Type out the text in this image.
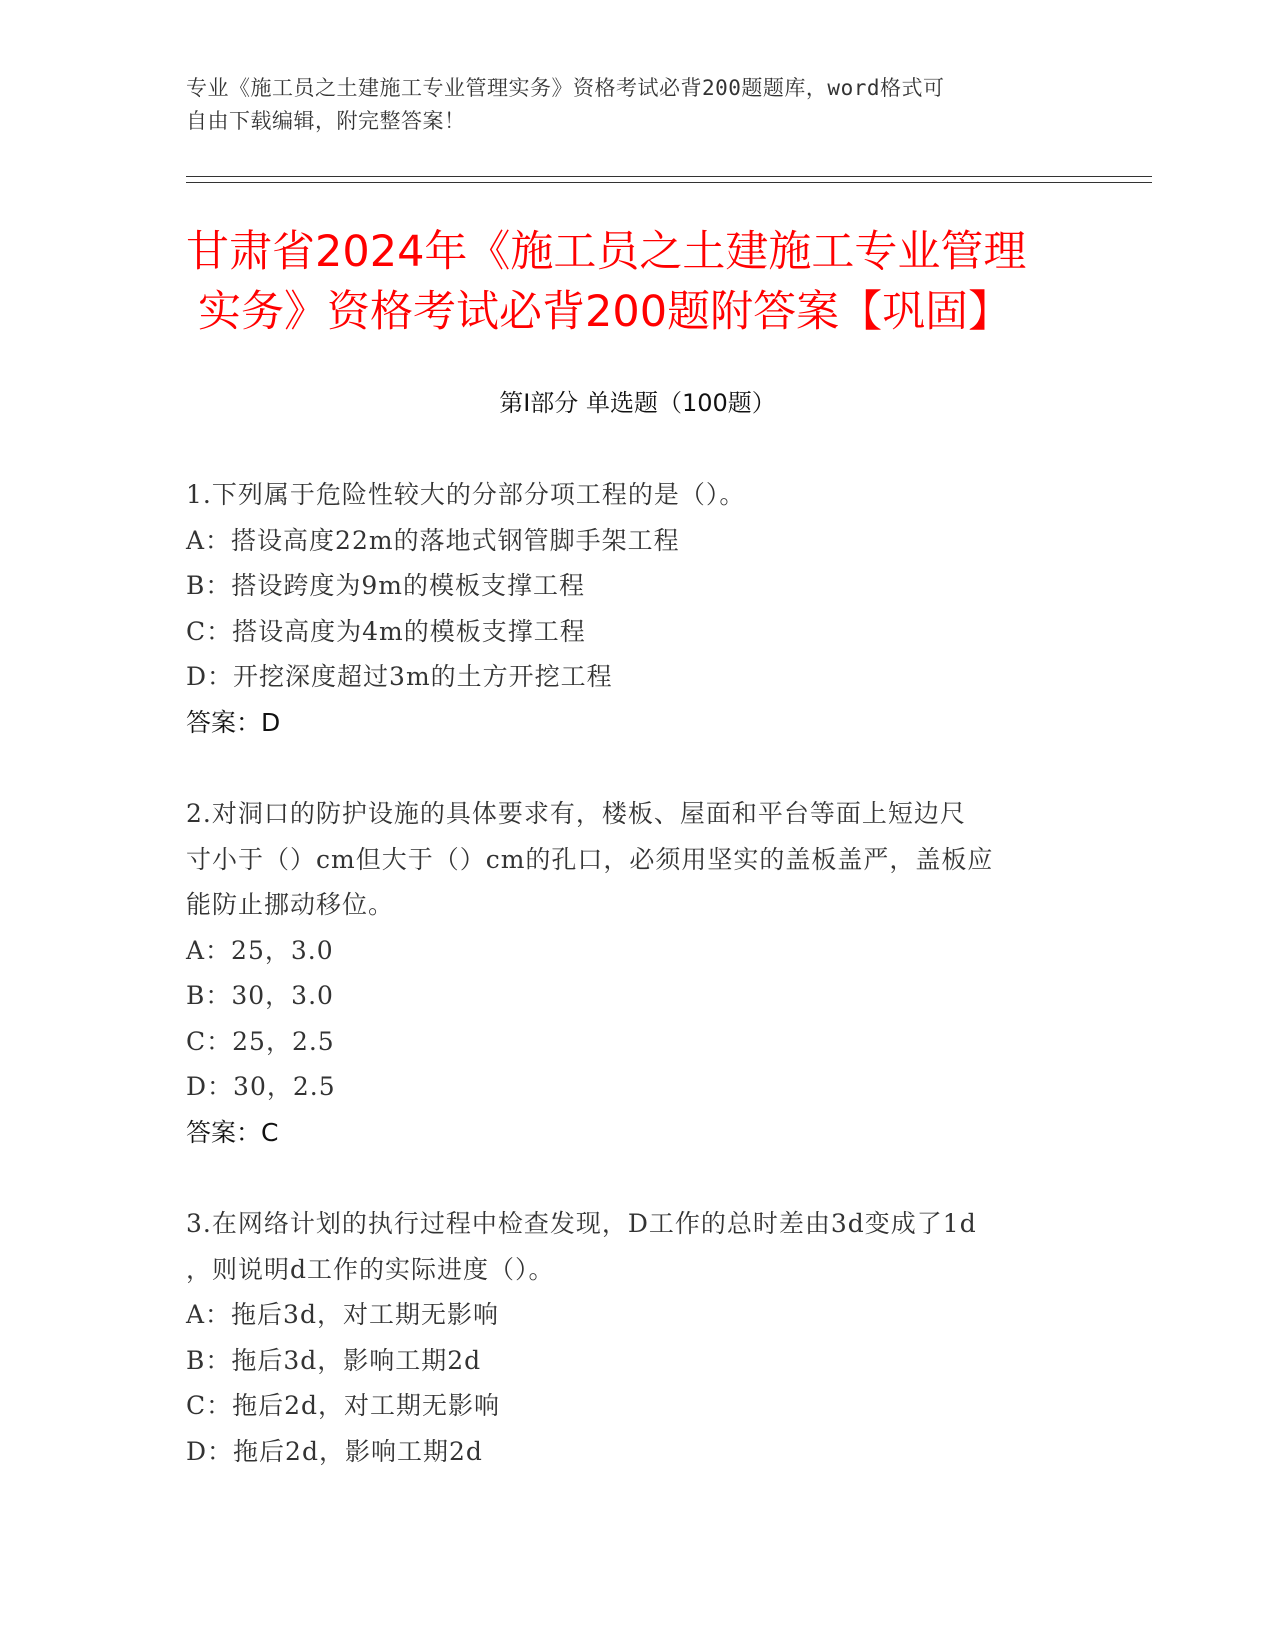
专业《施工员之土建施工专业管理实务》资格考试必背200题题库，word格式可
自由下载编辑，附完整答案！
甘肃省2024年《施工员之土建施工专业管理
实务》资格考试必背200题附答案【巩固】
第Ⅰ部分 单选题（100题）
1.下列属于危险性较大的分部分项工程的是（）。
A：搭设高度22m的落地式钢管脚手架工程
B：搭设跨度为9m的模板支撑工程
C：搭设高度为4m的模板支撑工程
D：开挖深度超过3m的土方开挖工程
答案：D
2.对洞口的防护设施的具体要求有，楼板、屋面和平台等面上短边尺
寸小于（）cm但大于（）cm的孔口，必须用坚实的盖板盖严，盖板应
能防止挪动移位。
A：25，3.0
B：30，3.0
C：25，2.5
D：30，2.5
答案：C
3.在网络计划的执行过程中检查发现，D工作的总时差由3d变成了1d
，则说明d工作的实际进度（）。
A：拖后3d，对工期无影响
B：拖后3d，影响工期2d
C：拖后2d，对工期无影响
D：拖后2d，影响工期2d
